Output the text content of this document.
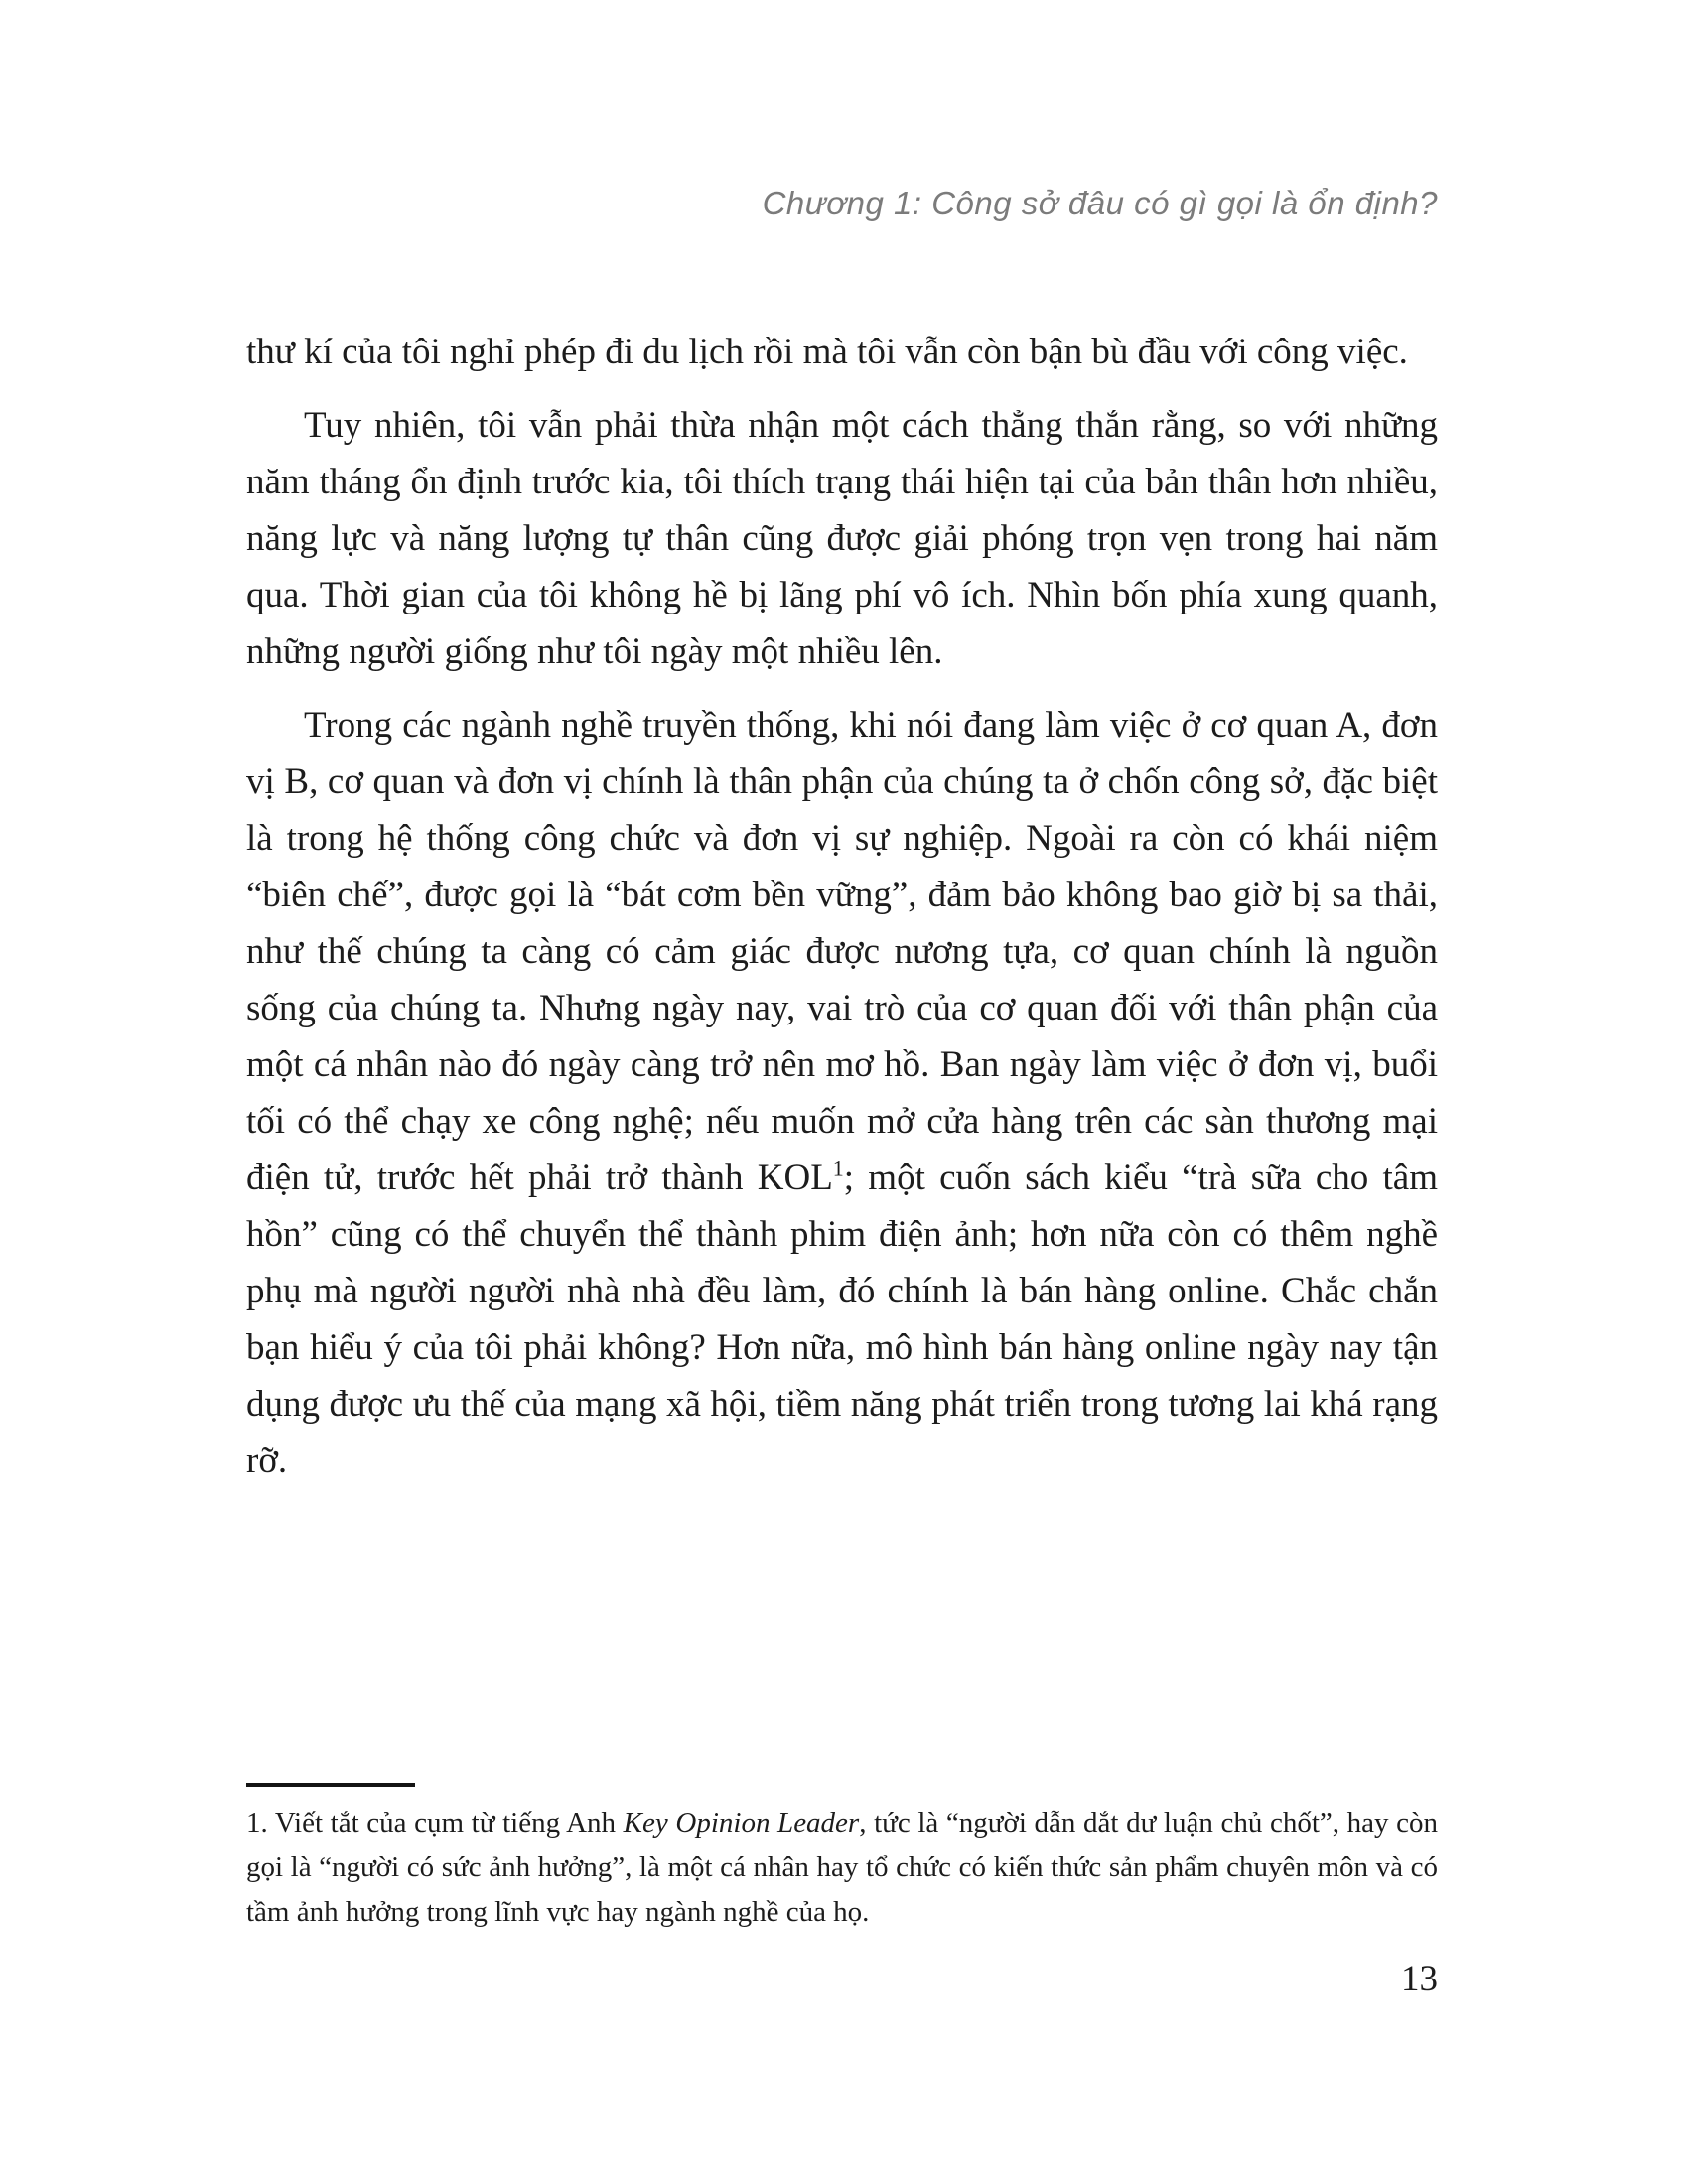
Chương 1: Công sở đâu có gì gọi là ổn định?

thư kí của tôi nghỉ phép đi du lịch rồi mà tôi vẫn còn bận bù đầu với công việc.

Tuy nhiên, tôi vẫn phải thừa nhận một cách thẳng thắn rằng, so với những năm tháng ổn định trước kia, tôi thích trạng thái hiện tại của bản thân hơn nhiều, năng lực và năng lượng tự thân cũng được giải phóng trọn vẹn trong hai năm qua. Thời gian của tôi không hề bị lãng phí vô ích. Nhìn bốn phía xung quanh, những người giống như tôi ngày một nhiều lên.

Trong các ngành nghề truyền thống, khi nói đang làm việc ở cơ quan A, đơn vị B, cơ quan và đơn vị chính là thân phận của chúng ta ở chốn công sở, đặc biệt là trong hệ thống công chức và đơn vị sự nghiệp. Ngoài ra còn có khái niệm “biên chế”, được gọi là “bát cơm bền vững”, đảm bảo không bao giờ bị sa thải, như thế chúng ta càng có cảm giác được nương tựa, cơ quan chính là nguồn sống của chúng ta. Nhưng ngày nay, vai trò của cơ quan đối với thân phận của một cá nhân nào đó ngày càng trở nên mơ hồ. Ban ngày làm việc ở đơn vị, buổi tối có thể chạy xe công nghệ; nếu muốn mở cửa hàng trên các sàn thương mại điện tử, trước hết phải trở thành KOL$^1$; một cuốn sách kiểu “trà sữa cho tâm hồn” cũng có thể chuyển thể thành phim điện ảnh; hơn nữa còn có thêm nghề phụ mà người người nhà nhà đều làm, đó chính là bán hàng online. Chắc chắn bạn hiểu ý của tôi phải không? Hơn nữa, mô hình bán hàng online ngày nay tận dụng được ưu thế của mạng xã hội, tiềm năng phát triển trong tương lai khá rạng rỡ.

1. Viết tắt của cụm từ tiếng Anh Key Opinion Leader, tức là “người dẫn dắt dư luận chủ chốt”, hay còn gọi là “người có sức ảnh hưởng”, là một cá nhân hay tổ chức có kiến thức sản phẩm chuyên môn và có tầm ảnh hưởng trong lĩnh vực hay ngành nghề của họ.

13
